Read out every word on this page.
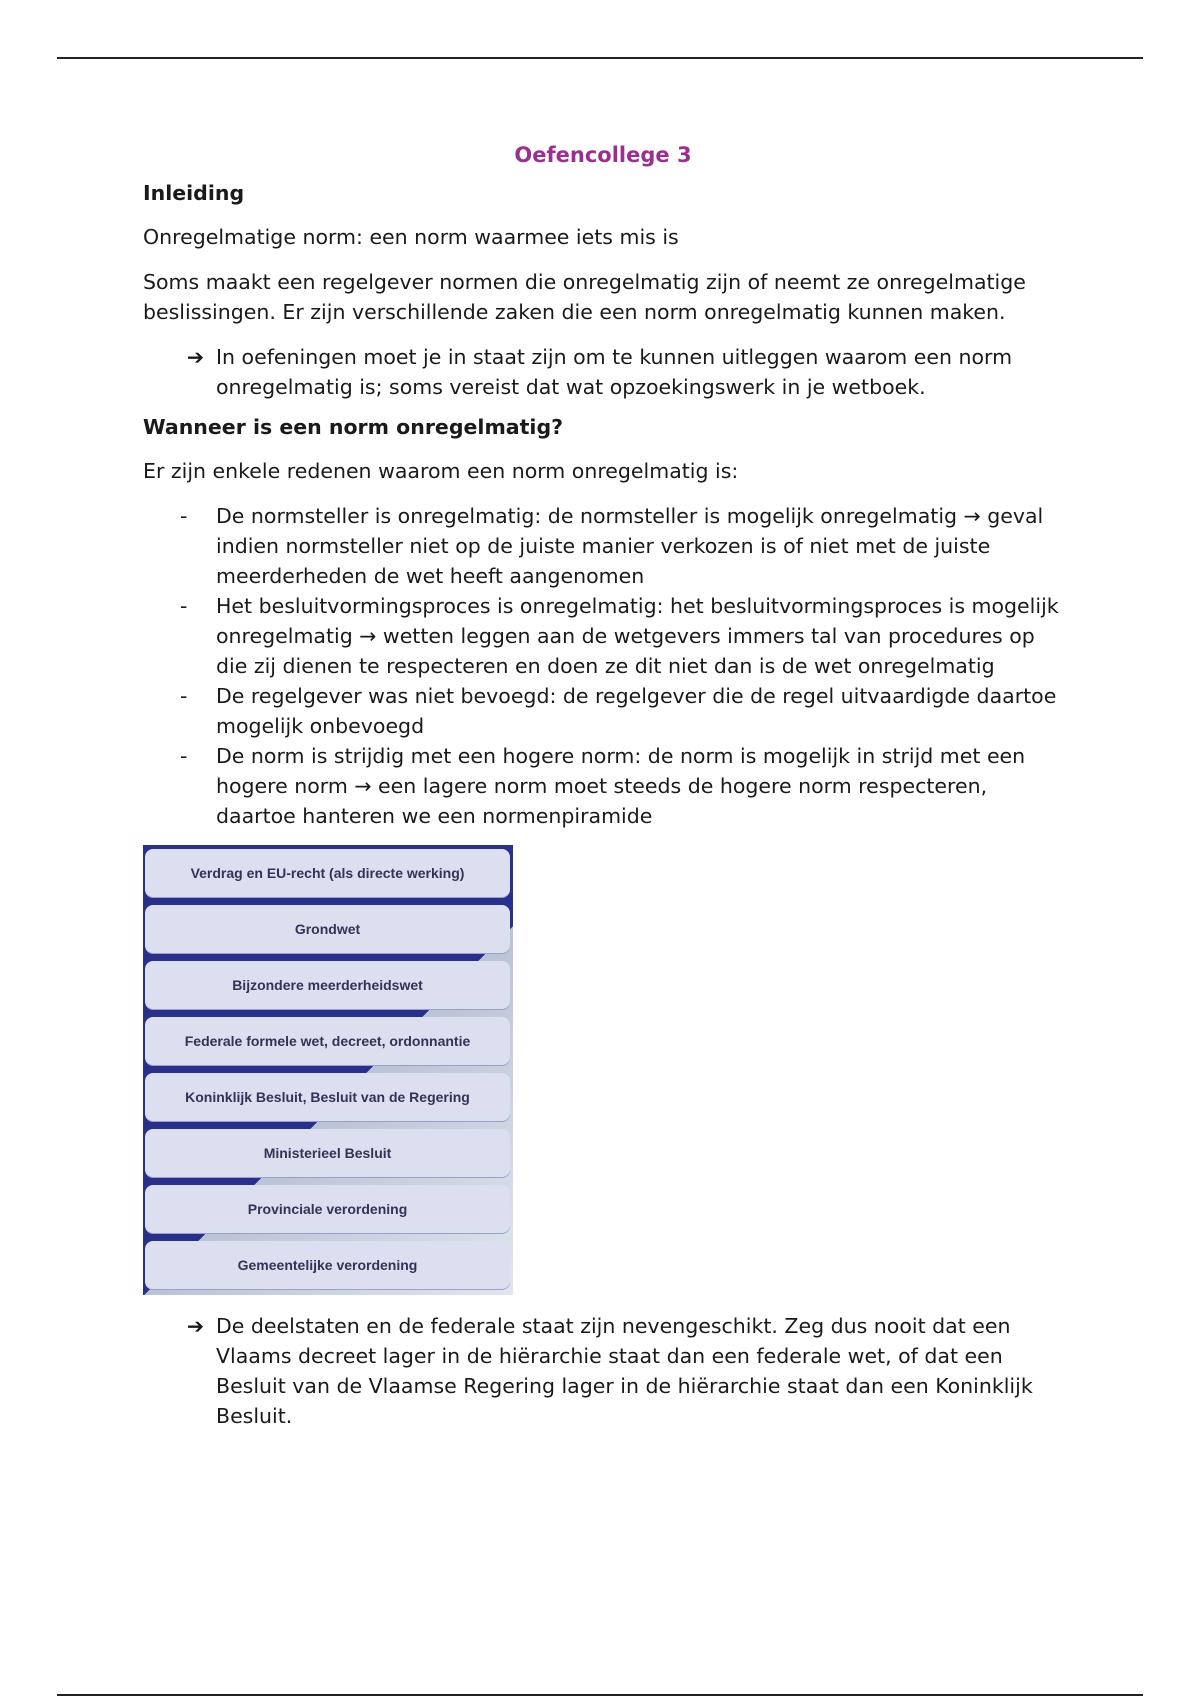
Oefencollege 3

Inleiding

Onregelmatige norm: een norm waarmee iets mis is

Soms maakt een regelgever normen die onregelmatig zijn of neemt ze onregelmatige beslissingen. Er zijn verschillende zaken die een norm onregelmatig kunnen maken.

➔ In oefeningen moet je in staat zijn om te kunnen uitleggen waarom een norm onregelmatig is; soms vereist dat wat opzoekingswerk in je wetboek.

Wanneer is een norm onregelmatig?

Er zijn enkele redenen waarom een norm onregelmatig is:

-	De normsteller is onregelmatig: de normsteller is mogelijk onregelmatig → geval indien normsteller niet op de juiste manier verkozen is of niet met de juiste meerderheden de wet heeft aangenomen
-	Het besluitvormingsproces is onregelmatig: het besluitvormingsproces is mogelijk onregelmatig → wetten leggen aan de wetgevers immers tal van procedures op die zij dienen te respecteren en doen ze dit niet dan is de wet onregelmatig
-	De regelgever was niet bevoegd: de regelgever die de regel uitvaardigde daartoe mogelijk onbevoegd
-	De norm is strijdig met een hogere norm: de norm is mogelijk in strijd met een hogere norm → een lagere norm moet steeds de hogere norm respecteren, daartoe hanteren we een normenpiramide
Verdrag en EU-recht (als directe werking)
Grondwet
Bijzondere meerderheidswet
Federale formele wet, decreet, ordonnantie
Koninklijk Besluit, Besluit van de Regering
Ministerieel Besluit
Provinciale verordening
Gemeentelijke verordening
➔ De deelstaten en de federale staat zijn nevengeschikt. Zeg dus nooit dat een Vlaams decreet lager in de hiërarchie staat dan een federale wet, of dat een Besluit van de Vlaamse Regering lager in de hiërarchie staat dan een Koninklijk Besluit.
